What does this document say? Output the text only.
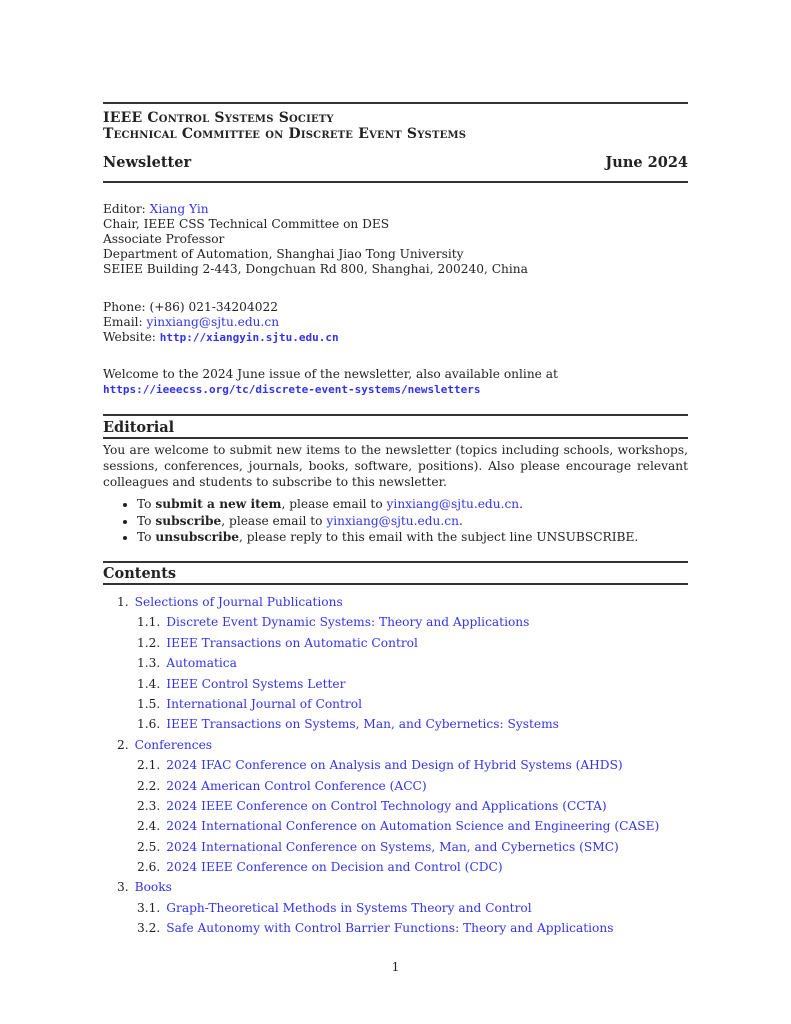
IEEE Control Systems Society
Technical Committee on Discrete Event Systems
Newsletter	June 2024
Editor: Xiang Yin
Chair, IEEE CSS Technical Committee on DES
Associate Professor
Department of Automation, Shanghai Jiao Tong University
SEIEE Building 2-443, Dongchuan Rd 800, Shanghai, 200240, China
Phone: (+86) 021-34204022
Email: yinxiang@sjtu.edu.cn
Website: http://xiangyin.sjtu.edu.cn
Welcome to the 2024 June issue of the newsletter, also available online at
https://ieeecss.org/tc/discrete-event-systems/newsletters
Editorial

You are welcome to submit new items to the newsletter (topics including schools, workshops, sessions, conferences, journals, books, software, positions). Also please encourage relevant colleagues and students to subscribe to this newsletter.

• To submit a new item, please email to yinxiang@sjtu.edu.cn.
• To subscribe, please email to yinxiang@sjtu.edu.cn.
• To unsubscribe, please reply to this email with the subject line UNSUBSCRIBE.
Contents
1. Selections of Journal Publications
1.1. Discrete Event Dynamic Systems: Theory and Applications
1.2. IEEE Transactions on Automatic Control
1.3. Automatica
1.4. IEEE Control Systems Letter
1.5. International Journal of Control
1.6. IEEE Transactions on Systems, Man, and Cybernetics: Systems
2. Conferences
2.1. 2024 IFAC Conference on Analysis and Design of Hybrid Systems (AHDS)
2.2. 2024 American Control Conference (ACC)
2.3. 2024 IEEE Conference on Control Technology and Applications (CCTA)
2.4. 2024 International Conference on Automation Science and Engineering (CASE)
2.5. 2024 International Conference on Systems, Man, and Cybernetics (SMC)
2.6. 2024 IEEE Conference on Decision and Control (CDC)
3. Books
3.1. Graph-Theoretical Methods in Systems Theory and Control
3.2. Safe Autonomy with Control Barrier Functions: Theory and Applications
1
